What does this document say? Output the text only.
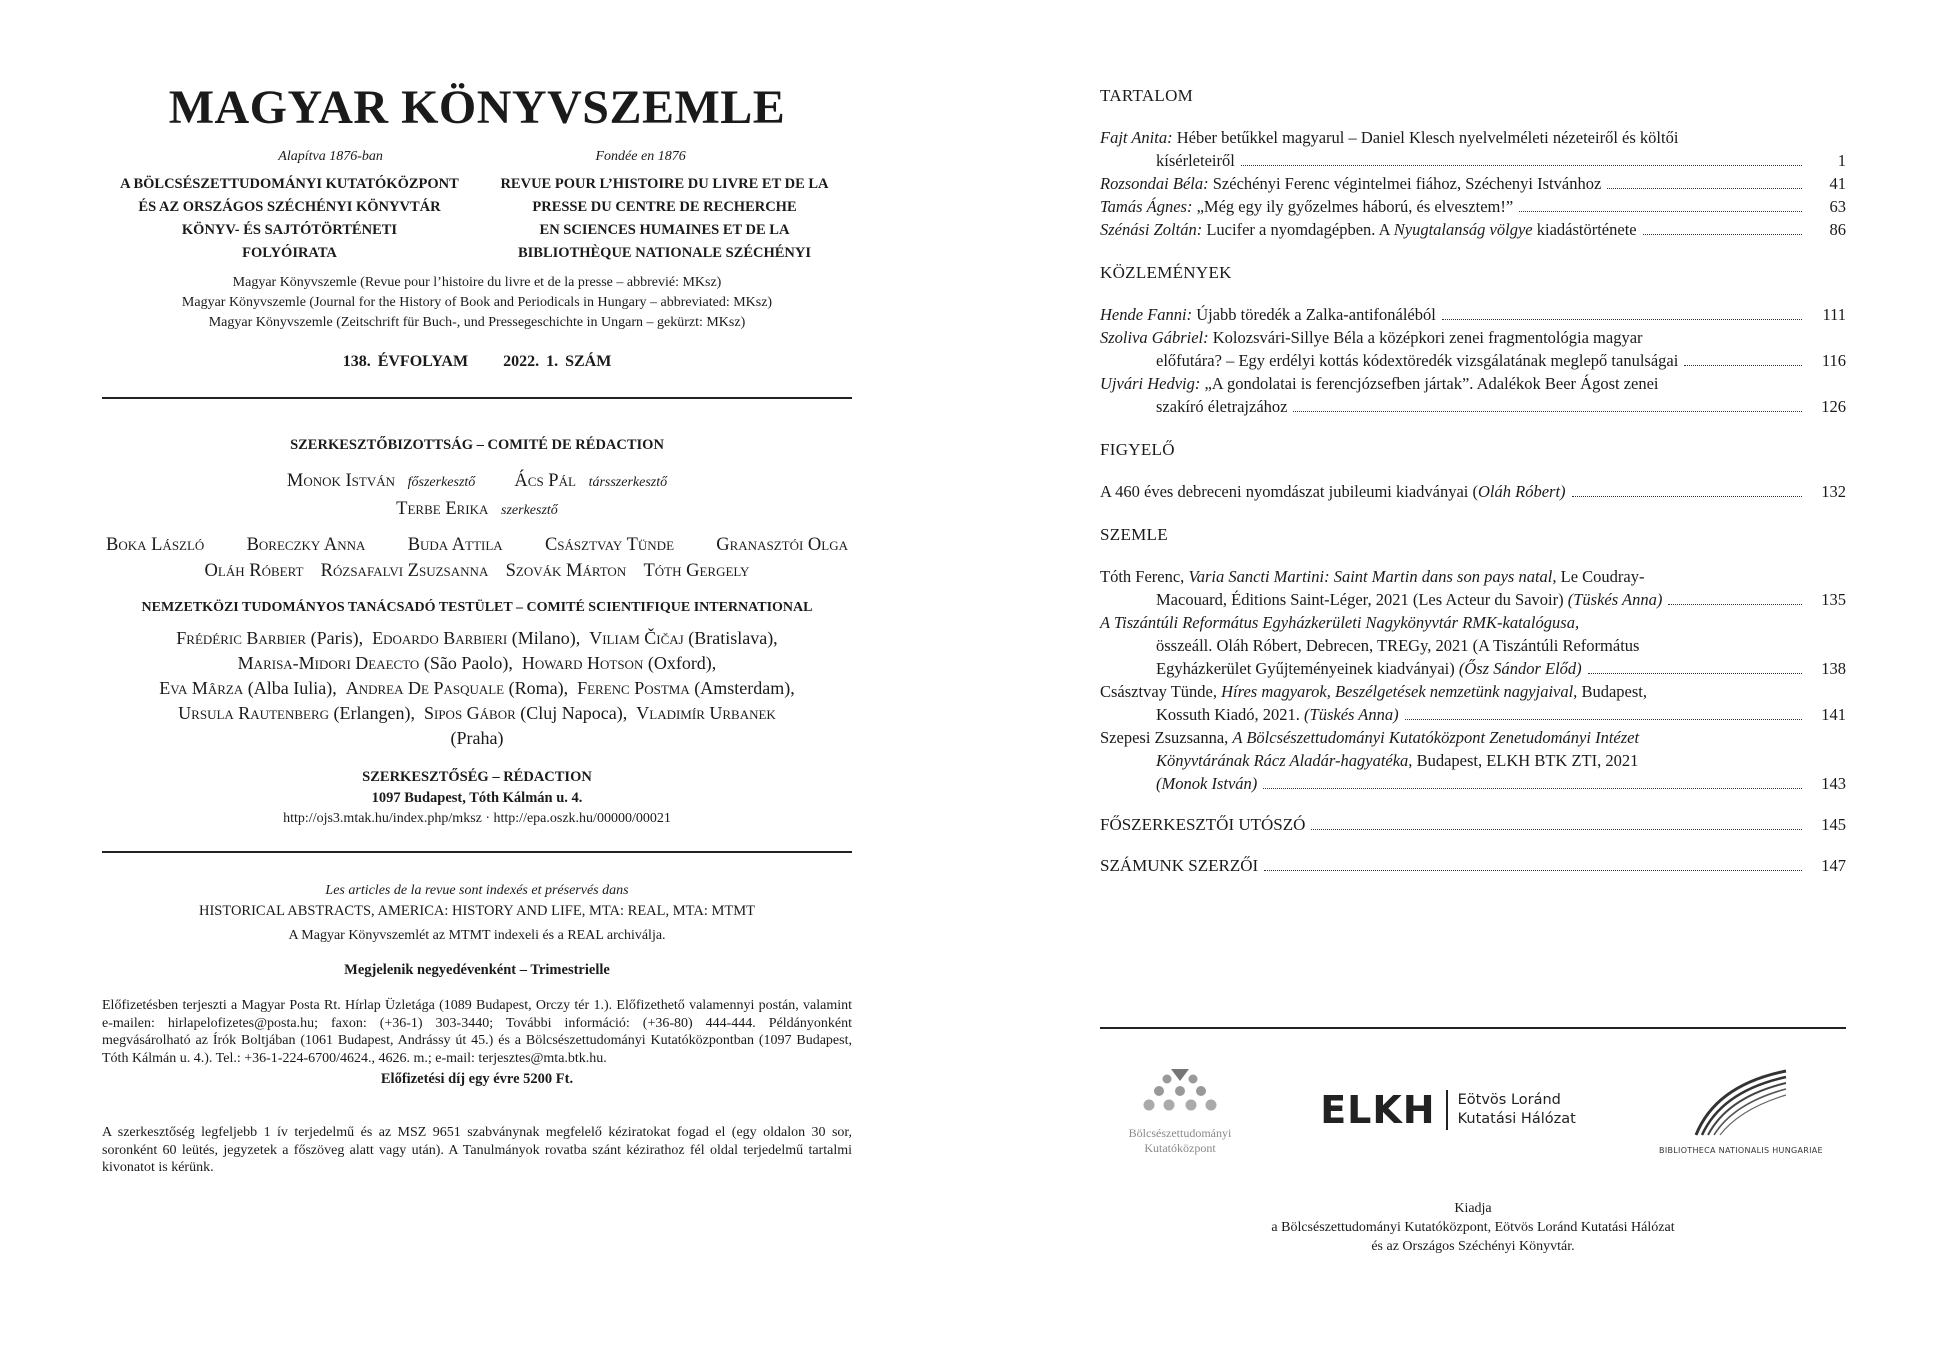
MAGYAR KÖNYVSZEMLE
Alapítva 1876-ban	Fondée en 1876
A BÖLCSÉSZETTUDOMÁNYI KUTATÓKÖZPONT
ÉS AZ ORSZÁGOS SZÉCHÉNYI KÖNYVTÁR
KÖNYV- ÉS SAJTÓTÖRTÉNETI
FOLYÓIRATA
REVUE POUR L’HISTOIRE DU LIVRE ET DE LA
PRESSE DU CENTRE DE RECHERCHE
EN SCIENCES HUMAINES ET DE LA
BIBLIOTHÈQUE NATIONALE SZÉCHÉNYI
Magyar Könyvszemle (Revue pour l’histoire du livre et de la presse – abbrevié: MKsz)
Magyar Könyvszemle (Journal for the History of Book and Periodicals in Hungary – abbreviated: MKsz)
Magyar Könyvszemle (Zeitschrift für Buch-, und Pressegeschichte in Ungarn – gekürzt: MKsz)
138. ÉVFOLYAM 2022. 1. SZÁM
SZERKESZTŐBIZOTTSÁG – COMITÉ DE RÉDACTION
Monok István főszerkesztő Ács Pál társszerkesztő
Terbe Erika szerkesztő
Boka László Boreczky Anna Buda Attila Császtvay Tünde Granasztói Olga
Oláh Róbert Rózsafalvi Zsuzsanna Szovák Márton Tóth Gergely
NEMZETKÖZI TUDOMÁNYOS TANÁCSADÓ TESTÜLET – COMITÉ SCIENTIFIQUE INTERNATIONAL
Frédéric Barbier (Paris), Edoardo Barbieri (Milano), Viliam Čičaj (Bratislava),
Marisa-Midori Deaecto (São Paolo), Howard Hotson (Oxford),
Eva Mârza (Alba Iulia), Andrea De Pasquale (Roma), Ferenc Postma (Amsterdam),
Ursula Rautenberg (Erlangen), Sipos Gábor (Cluj Napoca), Vladimír Urbanek
(Praha)
SZERKESZTŐSÉG – RÉDACTION
1097 Budapest, Tóth Kálmán u. 4.
http://ojs3.mtak.hu/index.php/mksz · http://epa.oszk.hu/00000/00021
Les articles de la revue sont indexés et préservés dans
HISTORICAL ABSTRACTS, AMERICA: HISTORY AND LIFE, MTA: REAL, MTA: MTMT
A Magyar Könyvszemlét az MTMT indexeli és a REAL archiválja.
Megjelenik negyedévenként – Trimestrielle
Előfizetésben terjeszti a Magyar Posta Rt. Hírlap Üzletága (1089 Budapest, Orczy tér 1.). Előfizethető valamennyi postán, valamint e-mailen: hirlapelofizetes@posta.hu; faxon: (+36-1) 303-3440; További információ: (+36-80) 444-444. Példányonként megvásárolható az Írók Boltjában (1061 Budapest, Andrássy út 45.) és a Bölcsészettudományi Kutatóközpontban (1097 Budapest, Tóth Kálmán u. 4.). Tel.: +36-1-224-6700/4624., 4626. m.; e-mail: terjesztes@mta.btk.hu.
Előfizetési díj egy évre 5200 Ft.
A szerkesztőség legfeljebb 1 ív terjedelmű és az MSZ 9651 szabványnak megfelelő kéziratokat fogad el (egy oldalon 30 sor, soronként 60 leütés, jegyzetek a főszöveg alatt vagy után). A Tanulmányok rovatba szánt kézirathoz fél oldal terjedelmű tartalmi kivonatot is kérünk.
TARTALOM
Fajt Anita: Héber betűkkel magyarul – Daniel Klesch nyelvelméleti nézeteiről és költői
kísérleteiről	1
Rozsondai Béla: Széchényi Ferenc végintelmei fiához, Széchenyi Istvánhoz	41
Tamás Ágnes: „Még egy ily győzelmes háború, és elvesztem!”	63
Szénási Zoltán: Lucifer a nyomdagépben. A Nyugtalanság völgye kiadástörténete	86
KÖZLEMÉNYEK
Hende Fanni: Újabb töredék a Zalka-antifonáléból	111
Szoliva Gábriel: Kolozsvári-Sillye Béla a középkori zenei fragmentológia magyar
előfutára? – Egy erdélyi kottás kódextöredék vizsgálatának meglepő tanulságai	116
Ujvári Hedvig: „A gondolatai is ferencjózsefben jártak”. Adalékok Beer Ágost zenei
szakíró életrajzához	126
FIGYELŐ
A 460 éves debreceni nyomdászat jubileumi kiadványai (Oláh Róbert)	132
SZEMLE
Tóth Ferenc, Varia Sancti Martini: Saint Martin dans son pays natal, Le Coudray-
Macouard, Éditions Saint-Léger, 2021 (Les Acteur du Savoir) (Tüskés Anna)	135
A Tiszántúli Református Egyházkerületi Nagykönyvtár RMK-katalógusa,
összeáll. Oláh Róbert, Debrecen, TREGy, 2021 (A Tiszántúli Református
Egyházkerület Gyűjteményeinek kiadványai) (Ősz Sándor Előd)	138
Császtvay Tünde, Híres magyarok, Beszélgetések nemzetünk nagyjaival, Budapest,
Kossuth Kiadó, 2021. (Tüskés Anna)	141
Szepesi Zsuzsanna, A Bölcsészettudományi Kutatóközpont Zenetudományi Intézet
Könyvtárának Rácz Aladár-hagyatéka, Budapest, ELKH BTK ZTI, 2021
(Monok István)	143
FŐSZERKESZTŐI UTÓSZÓ	145
SZÁMUNK SZERZŐI	147
Bölcsészettudományi
Kutatóközpont
ELKH Eötvös Loránd
Kutatási Hálózat
BIBLIOTHECA NATIONALIS HUNGARIAE
Kiadja
a Bölcsészettudományi Kutatóközpont, Eötvös Loránd Kutatási Hálózat
és az Országos Széchényi Könyvtár.
